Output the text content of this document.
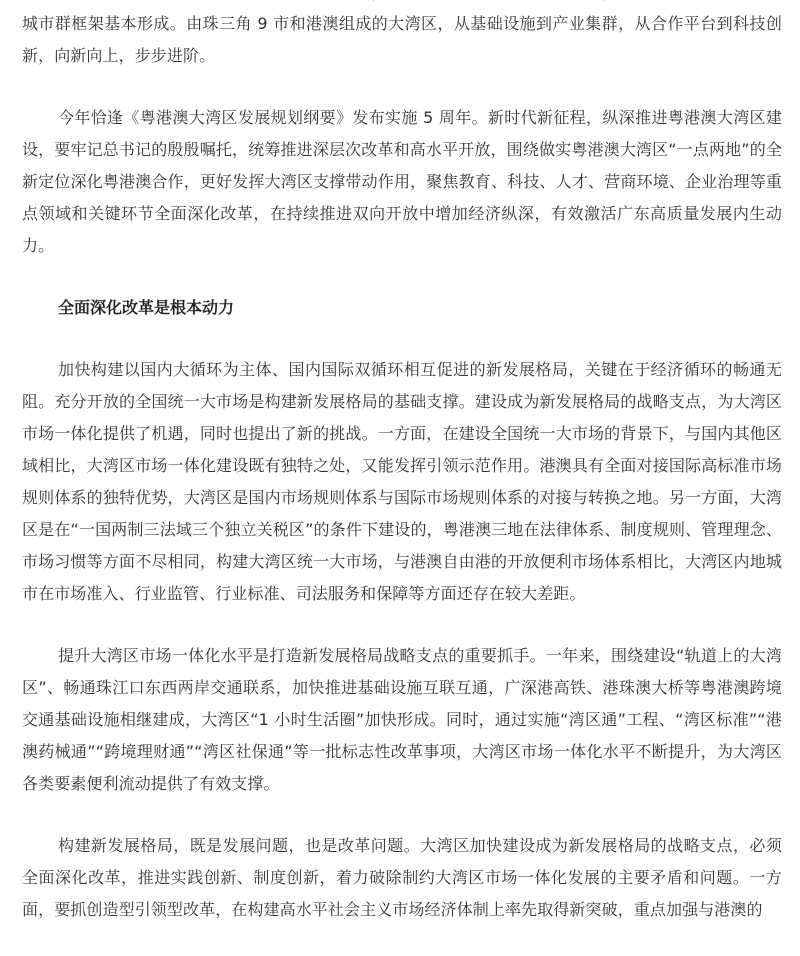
城市群框架基本形成。由珠三角 9 市和港澳组成的大湾区，从基础设施到产业集群，从合作平台到科技创新，向新向上，步步进阶。

今年恰逢《粤港澳大湾区发展规划纲要》发布实施 5 周年。新时代新征程，纵深推进粤港澳大湾区建设，要牢记总书记的殷殷嘱托，统筹推进深层次改革和高水平开放，围绕做实粤港澳大湾区“一点两地”的全新定位深化粤港澳合作，更好发挥大湾区支撑带动作用，聚焦教育、科技、人才、营商环境、企业治理等重点领域和关键环节全面深化改革，在持续推进双向开放中增加经济纵深，有效激活广东高质量发展内生动力。

全面深化改革是根本动力

加快构建以国内大循环为主体、国内国际双循环相互促进的新发展格局，关键在于经济循环的畅通无阻。充分开放的全国统一大市场是构建新发展格局的基础支撑。建设成为新发展格局的战略支点，为大湾区市场一体化提供了机遇，同时也提出了新的挑战。一方面，在建设全国统一大市场的背景下，与国内其他区域相比，大湾区市场一体化建设既有独特之处，又能发挥引领示范作用。港澳具有全面对接国际高标准市场规则体系的独特优势，大湾区是国内市场规则体系与国际市场规则体系的对接与转换之地。另一方面，大湾区是在“一国两制三法域三个独立关税区”的条件下建设的，粤港澳三地在法律体系、制度规则、管理理念、市场习惯等方面不尽相同，构建大湾区统一大市场，与港澳自由港的开放便利市场体系相比，大湾区内地城市在市场准入、行业监管、行业标准、司法服务和保障等方面还存在较大差距。

提升大湾区市场一体化水平是打造新发展格局战略支点的重要抓手。一年来，围绕建设“轨道上的大湾区”、畅通珠江口东西两岸交通联系，加快推进基础设施互联互通，广深港高铁、港珠澳大桥等粤港澳跨境交通基础设施相继建成，大湾区“1 小时生活圈”加快形成。同时，通过实施“湾区通”工程、“湾区标准”“港澳药械通”“跨境理财通”“湾区社保通”等一批标志性改革事项，大湾区市场一体化水平不断提升，为大湾区各类要素便利流动提供了有效支撑。

构建新发展格局，既是发展问题，也是改革问题。大湾区加快建设成为新发展格局的战略支点，必须全面深化改革，推进实践创新、制度创新，着力破除制约大湾区市场一体化发展的主要矛盾和问题。一方面，要抓创造型引领型改革，在构建高水平社会主义市场经济体制上率先取得新突破，重点加强与港澳的
